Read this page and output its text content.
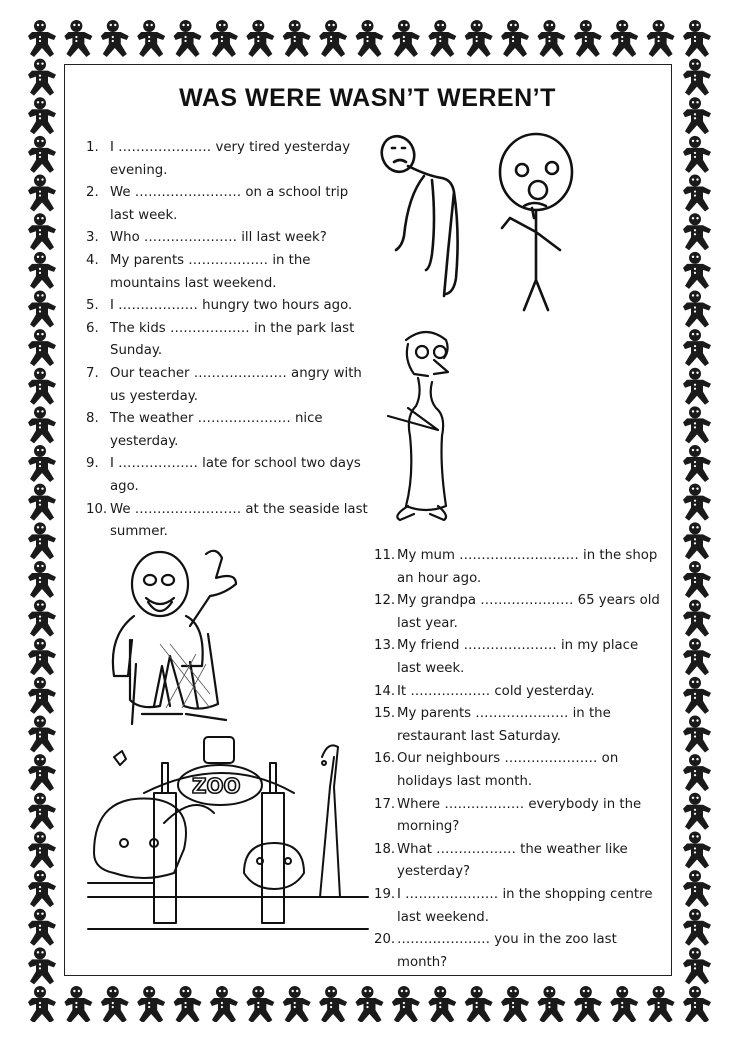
WAS WERE WASN’T WEREN’T
1. I ………………… very tired yesterday evening.
2. We …………………… on a school trip last week.
3. Who ………………… ill last week?
4. My parents ……………… in the mountains last weekend.
5. I ……………… hungry two hours ago.
6. The kids ……………… in the park last Sunday.
7. Our teacher ………………… angry with us yesterday.
8. The weather ………………… nice yesterday.
9. I ……………… late for school two days ago.
10. We …………………… at the seaside last summer.
11. My mum ……………………… in the shop an hour ago.
12. My grandpa ………………… 65 years old last year.
13. My friend ………………… in my place last week.
14. It ……………… cold yesterday.
15. My parents ………………… in the restaurant last Saturday.
16. Our neighbours ………………… on holidays last month.
17. Where ……………… everybody in the morning?
18. What ……………… the weather like yesterday?
19. I ………………… in the shopping centre last weekend.
20. ………………… you in the zoo last month?
ZOO
